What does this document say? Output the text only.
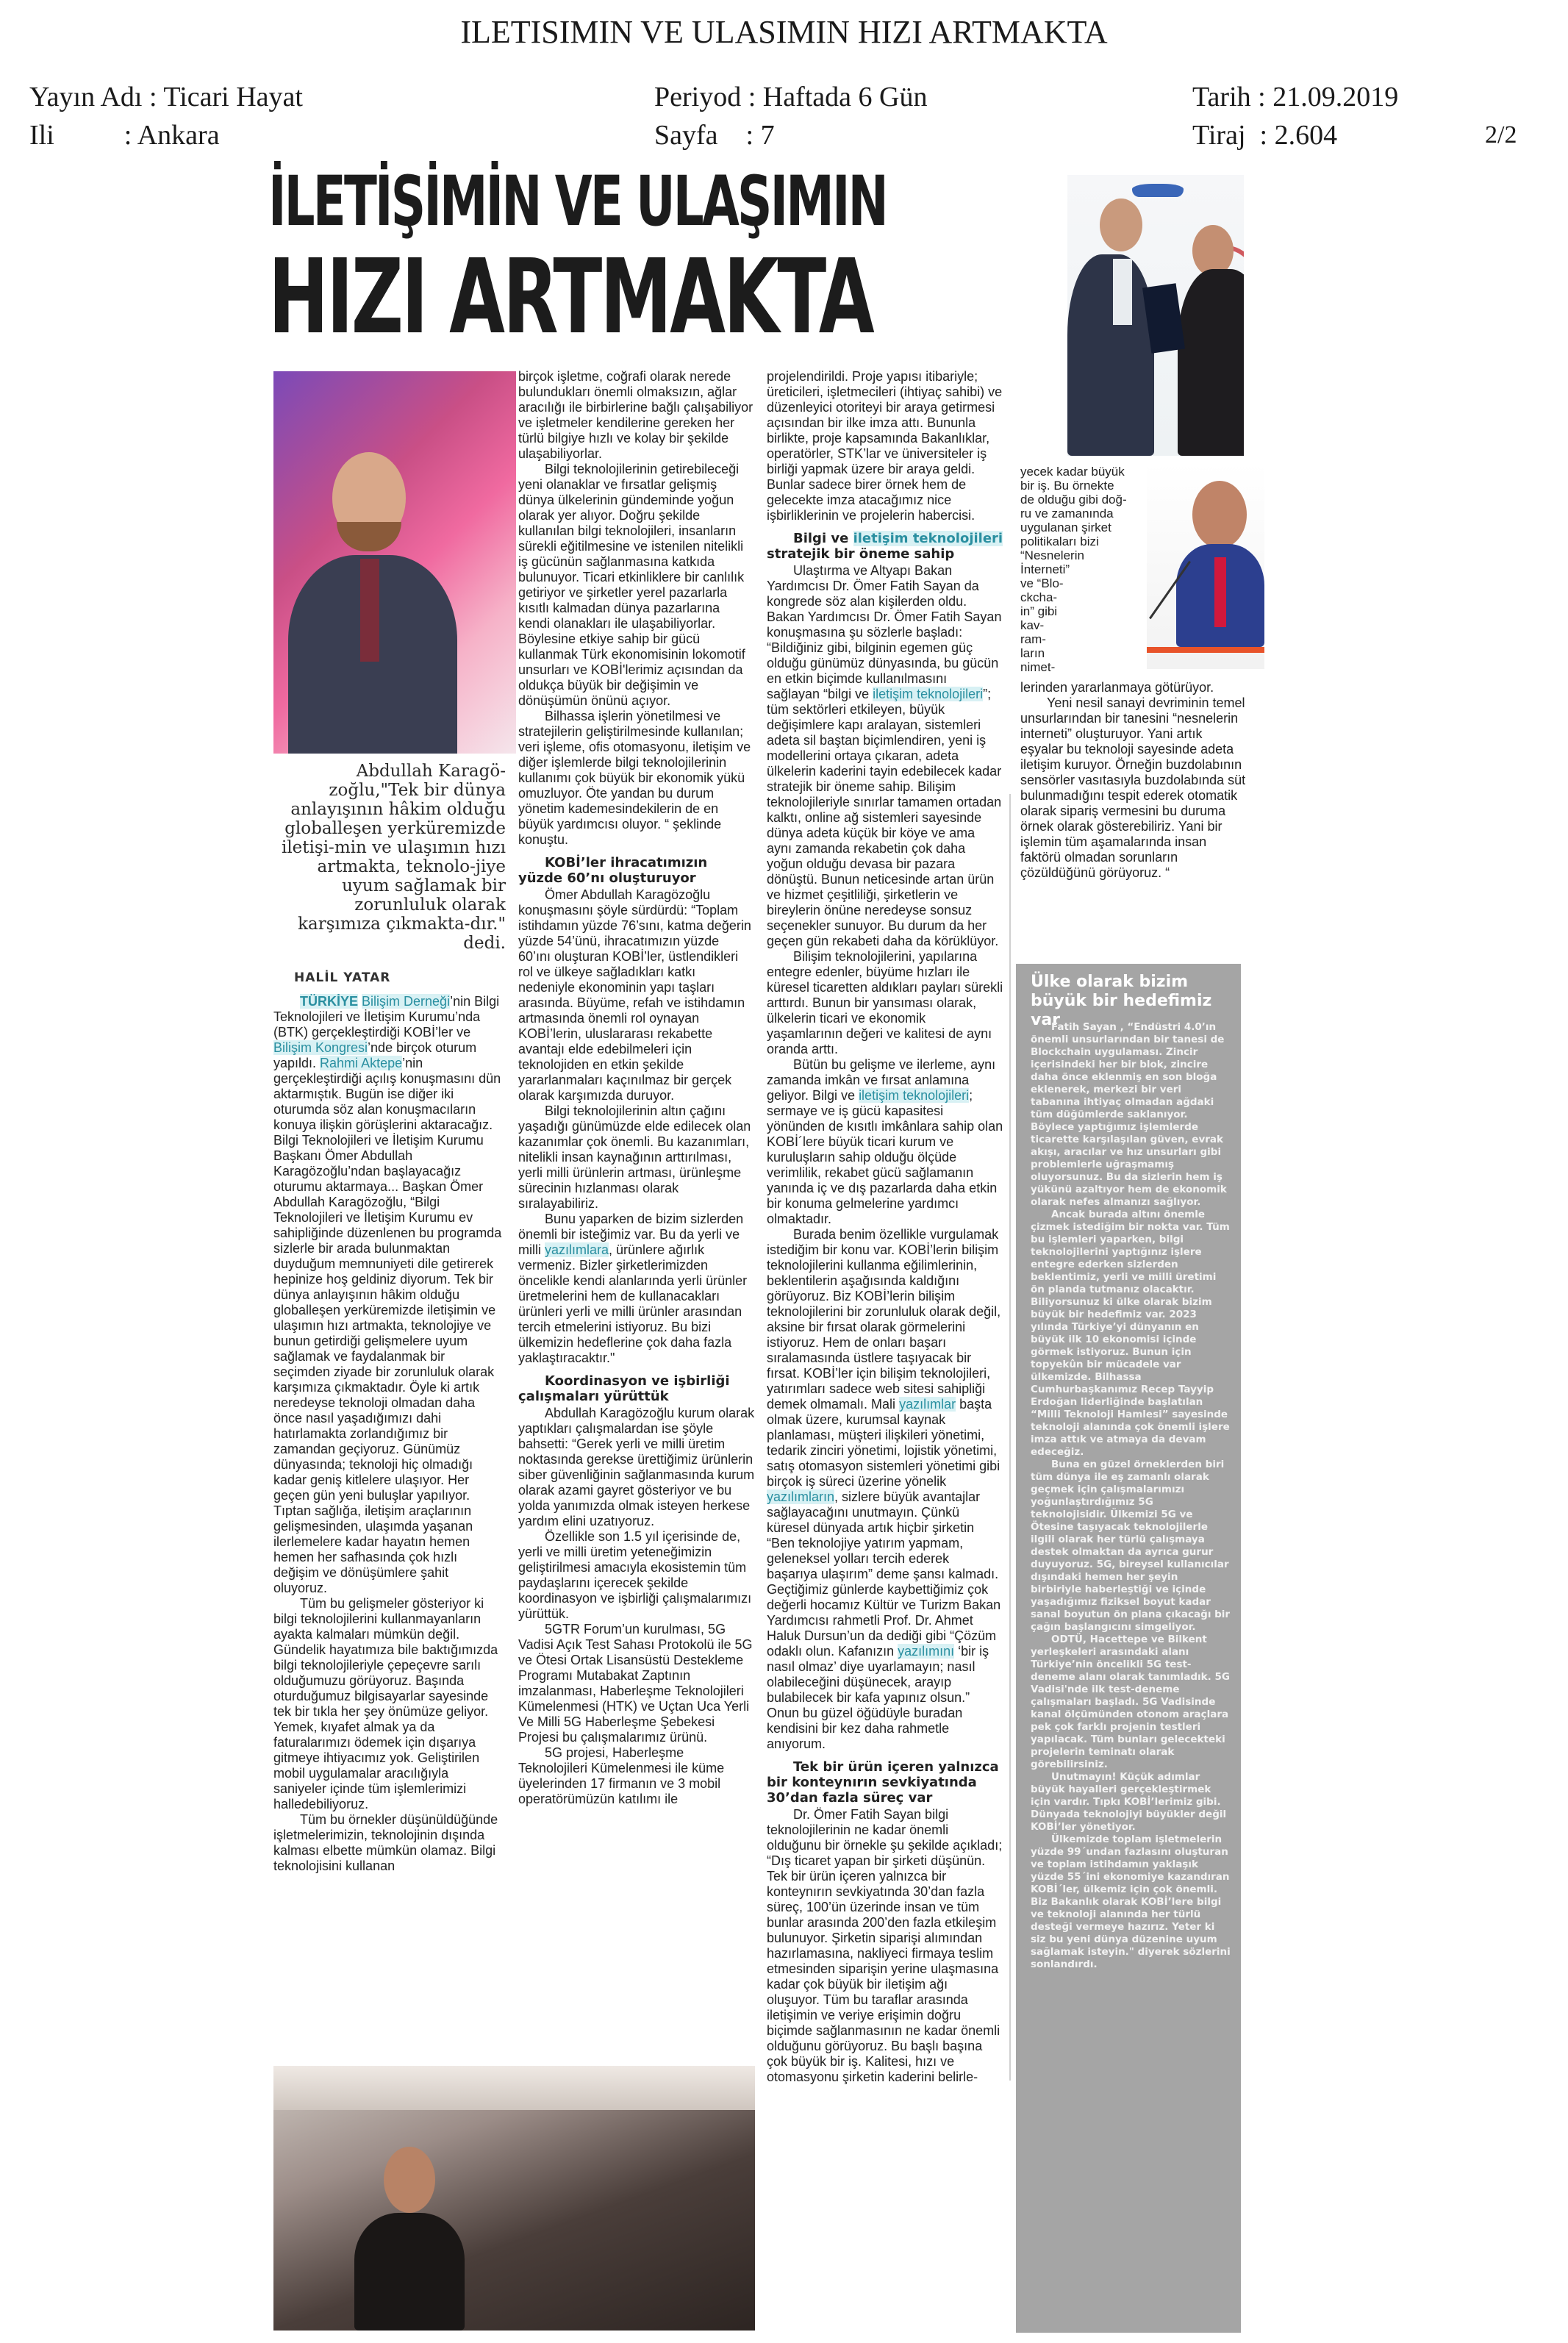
ILETISIMIN VE ULASIMIN HIZI ARTMAKTA
Yayın Adı : Ticari Hayat
Ili          : Ankara
Periyod : Haftada 6 Gün
Sayfa    : 7
Tarih : 21.09.2019
Tiraj  : 2.604	2/2
İLETİŞİMİN VE ULAŞIMIN
HIZI ARTMAKTA
Abdullah Karagö-zoğlu,"Tek bir dünya anlayışının hâkim olduğu globalleşen yerküremizde iletişi-min ve ulaşımın hızı artmakta, teknolo-jiye uyum sağlamak bir zorunluluk olarak karşımıza çıkmakta-dır." dedi.
HALİL YATAR

TÜRKİYE Bilişim Derneği’nin Bilgi Teknolojileri ve İletişim Kurumu’nda (BTK) gerçekleştirdiği KOBİ’ler ve Bilişim Kongresi’nde birçok oturum yapıldı. Rahmi Aktepe’nin gerçekleştirdiği açılış konuşmasını dün aktarmıştık. Bugün ise diğer iki oturumda söz alan konuşmacıların konuya ilişkin görüşlerini aktaracağız. Bilgi Teknolojileri ve İletişim Kurumu Başkanı Ömer Abdullah Karagözoğlu’ndan başlayacağız oturumu aktarmaya... Başkan Ömer Abdullah Karagözoğlu, “Bilgi Teknolojileri ve İletişim Kurumu ev sahipliğinde düzenlenen bu programda sizlerle bir arada bulunmaktan duyduğum memnuniyeti dile getirerek hepinize hoş geldiniz diyorum. Tek bir dünya anlayışının hâkim olduğu globalleşen yerküremizde iletişimin ve ulaşımın hızı artmakta, teknolojiye ve bunun getirdiği gelişmelere uyum sağlamak ve faydalanmak bir seçimden ziyade bir zorunluluk olarak karşımıza çıkmaktadır. Öyle ki artık neredeyse teknoloji olmadan daha önce nasıl yaşadığımızı dahi hatırlamakta zorlandığımız bir zamandan geçiyoruz. Günümüz dünyasında; teknoloji hiç olmadığı kadar geniş kitlelere ulaşıyor. Her geçen gün yeni buluşlar yapılıyor. Tıptan sağlığa, iletişim araçlarının gelişmesinden, ulaşımda yaşanan ilerlemelere kadar hayatın hemen hemen her safhasında çok hızlı değişim ve dönüşümlere şahit oluyoruz.

Tüm bu gelişmeler gösteriyor ki bilgi teknolojilerini kullanmayanların ayakta kalmaları mümkün değil. Gündelik hayatımıza bile baktığımızda bilgi teknolojileriyle çepeçevre sarılı olduğumuzu görüyoruz. Başında oturduğumuz bilgisayarlar sayesinde tek bir tıkla her şey önümüze geliyor. Yemek, kıyafet almak ya da faturalarımızı ödemek için dışarıya gitmeye ihtiyacımız yok. Geliştirilen mobil uygulamalar aracılığıyla saniyeler içinde tüm işlemlerimizi halledebiliyoruz.

Tüm bu örnekler düşünüldüğünde işletmelerimizin, teknolojinin dışında kalması elbette mümkün olamaz. Bilgi teknolojisini kullanan

birçok işletme, coğrafi olarak nerede bulundukları önemli olmaksızın, ağlar aracılığı ile birbirlerine bağlı çalışabiliyor ve işletmeler kendilerine gereken her türlü bilgiye hızlı ve kolay bir şekilde ulaşabiliyorlar.

Bilgi teknolojilerinin getirebileceği yeni olanaklar ve fırsatlar gelişmiş dünya ülkelerinin gündeminde yoğun olarak yer alıyor. Doğru şekilde kullanılan bilgi teknolojileri, insanların sürekli eğitilmesine ve istenilen nitelikli iş gücünün sağlanmasına katkıda bulunuyor. Ticari etkinliklere bir canlılık getiriyor ve şirketler yerel pazarlarla kısıtlı kalmadan dünya pazarlarına kendi olanakları ile ulaşabiliyorlar. Böylesine etkiye sahip bir gücü kullanmak Türk ekonomisinin lokomotif unsurları ve KOBİ'lerimiz açısından da oldukça büyük bir değişimin ve dönüşümün önünü açıyor.

Bilhassa işlerin yönetilmesi ve stratejilerin geliştirilmesinde kullanılan; veri işleme, ofis otomasyonu, iletişim ve diğer işlemlerde bilgi teknolojilerinin kullanımı çok büyük bir ekonomik yükü omuzluyor. Öte yandan bu durum yönetim kademesindekilerin de en büyük yardımcısı oluyor. “ şeklinde konuştu.

KOBİ’ler ihracatımızın yüzde 60’nı oluşturuyor

Ömer Abdullah Karagözoğlu konuşmasını şöyle sürdürdü: “Toplam istihdamın yüzde 76’sını, katma değerin yüzde 54’ünü, ihracatımızın yüzde 60’ını oluşturan KOBİ’ler, üstlendikleri rol ve ülkeye sağladıkları katkı nedeniyle ekonominin yapı taşları arasında. Büyüme, refah ve istihdamın artmasında önemli rol oynayan KOBİ’lerin, uluslararası rekabette avantajı elde edebilmeleri için teknolojiden en etkin şekilde yararlanmaları kaçınılmaz bir gerçek olarak karşımızda duruyor.

Bilgi teknolojilerinin altın çağını yaşadığı günümüzde elde edilecek olan kazanımlar çok önemli. Bu kazanımları, nitelikli insan kaynağının arttırılması, yerli milli ürünlerin artması, ürünleşme sürecinin hızlanması olarak sıralayabiliriz.

Bunu yaparken de bizim sizlerden önemli bir isteğimiz var. Bu da yerli ve milli yazılımlara, ürünlere ağırlık vermeniz. Bizler şirketlerimizden öncelikle kendi alanlarında yerli ürünler üretmelerini hem de kullanacakları ürünleri yerli ve milli ürünler arasından tercih etmelerini istiyoruz. Bu bizi ülkemizin hedeflerine çok daha fazla yaklaştıracaktır."

Koordinasyon ve işbirliği çalışmaları yürüttük

Abdullah Karagözoğlu kurum olarak yaptıkları çalışmalardan ise şöyle bahsetti: “Gerek yerli ve milli üretim noktasında gerekse ürettiğimiz ürünlerin siber güvenliğinin sağlanmasında kurum olarak azami gayret gösteriyor ve bu yolda yanımızda olmak isteyen herkese yardım elini uzatıyoruz.

Özellikle son 1.5 yıl içerisinde de, yerli ve milli üretim yeteneğimizin geliştirilmesi amacıyla ekosistemin tüm paydaşlarını içerecek şekilde koordinasyon ve işbirliği çalışmalarımızı yürüttük.

5GTR Forum’un kurulması, 5G Vadisi Açık Test Sahası Protokolü ile 5G ve Ötesi Ortak Lisansüstü Destekleme Programı Mutabakat Zaptının imzalanması, Haberleşme Teknolojileri Kümelenmesi (HTK) ve Uçtan Uca Yerli Ve Milli 5G Haberleşme Şebekesi Projesi bu çalışmalarımız ürünü.

5G projesi, Haberleşme Teknolojileri Kümelenmesi ile küme üyelerinden 17 firmanın ve 3 mobil operatörümüzün katılımı ile

projelendirildi. Proje yapısı itibariyle; üreticileri, işletmecileri (ihtiyaç sahibi) ve düzenleyici otoriteyi bir araya getirmesi açısından bir ilke imza attı. Bununla birlikte, proje kapsamında Bakanlıklar, operatörler, STK’lar ve üniversiteler iş birliği yapmak üzere bir araya geldi. Bunlar sadece birer örnek hem de gelecekte imza atacağımız nice işbirliklerinin ve projelerin habercisi.

Bilgi ve iletişim teknolojileri stratejik bir öneme sahip

Ulaştırma ve Altyapı Bakan Yardımcısı Dr. Ömer Fatih Sayan da kongrede söz alan kişilerden oldu. Bakan Yardımcısı Dr. Ömer Fatih Sayan konuşmasına şu sözlerle başladı: “Bildiğiniz gibi, bilginin egemen güç olduğu günümüz dünyasında, bu gücün en etkin biçimde kullanılmasını sağlayan “bilgi ve iletişim teknolojileri”; tüm sektörleri etkileyen, büyük değişimlere kapı aralayan, sistemleri adeta sil baştan biçimlendiren, yeni iş modellerini ortaya çıkaran, adeta ülkelerin kaderini tayin edebilecek kadar stratejik bir öneme sahip. Bilişim teknolojileriyle sınırlar tamamen ortadan kalktı, online ağ sistemleri sayesinde dünya adeta küçük bir köye ve ama aynı zamanda rekabetin çok daha yoğun olduğu devasa bir pazara dönüştü. Bunun neticesinde artan ürün ve hizmet çeşitliliği, şirketlerin ve bireylerin önüne neredeyse sonsuz seçenekler sunuyor. Bu durum da her geçen gün rekabeti daha da körüklüyor.

Bilişim teknolojilerini, yapılarına entegre edenler, büyüme hızları ile küresel ticaretten aldıkları payları sürekli arttırdı. Bunun bir yansıması olarak, ülkelerin ticari ve ekonomik yaşamlarının değeri ve kalitesi de aynı oranda arttı.

Bütün bu gelişme ve ilerleme, aynı zamanda imkân ve fırsat anlamına geliyor. Bilgi ve iletişim teknolojileri; sermaye ve iş gücü kapasitesi yönünden de kısıtlı imkânlara sahip olan KOBİ´lere büyük ticari kurum ve kuruluşların sahip olduğu ölçüde verimlilik, rekabet gücü sağlamanın yanında iç ve dış pazarlarda daha etkin bir konuma gelmelerine yardımcı olmaktadır.

Burada benim özellikle vurgulamak istediğim bir konu var. KOBİ’lerin bilişim teknolojilerini kullanma eğilimlerinin, beklentilerin aşağısında kaldığını görüyoruz. Biz KOBİ’lerin bilişim teknolojilerini bir zorunluluk olarak değil, aksine bir fırsat olarak görmelerini istiyoruz. Hem de onları başarı sıralamasında üstlere taşıyacak bir fırsat. KOBİ’ler için bilişim teknolojileri, yatırımları sadece web sitesi sahipliği demek olmamalı. Mali yazılımlar başta olmak üzere, kurumsal kaynak planlaması, müşteri ilişkileri yönetimi, tedarik zinciri yönetimi, lojistik yönetimi, satış otomasyon sistemleri yönetimi gibi birçok iş süreci üzerine yönelik yazılımların, sizlere büyük avantajlar sağlayacağını unutmayın. Çünkü küresel dünyada artık hiçbir şirketin “Ben teknolojiye yatırım yapmam, geleneksel yolları tercih ederek başarıya ulaşırım” deme şansı kalmadı. Geçtiğimiz günlerde kaybettiğimiz çok değerli hocamız Kültür ve Turizm Bakan Yardımcısı rahmetli Prof. Dr. Ahmet Haluk Dursun’un da dediği gibi “Çözüm odaklı olun. Kafanızın yazılımını ‘bir iş nasıl olmaz’ diye uyarlamayın; nasıl olabileceğini düşünecek, arayıp bulabilecek bir kafa yapınız olsun.” Onun bu güzel öğüdüyle buradan kendisini bir kez daha rahmetle anıyorum.

Tek bir ürün içeren yalnızca bir konteynırın sevkiyatında 30’dan fazla süreç var

Dr. Ömer Fatih Sayan bilgi teknolojilerinin ne kadar önemli olduğunu bir örnekle şu şekilde açıkladı; “Dış ticaret yapan bir şirketi düşünün. Tek bir ürün içeren yalnızca bir konteynırın sevkiyatında 30’dan fazla süreç, 100’ün üzerinde insan ve tüm bunlar arasında 200’den fazla etkileşim bulunuyor. Şirketin siparişi alımından hazırlamasına, nakliyeci firmaya teslim etmesinden siparişin yerine ulaşmasına kadar çok büyük bir iletişim ağı oluşuyor. Tüm bu taraflar arasında iletişimin ve veriye erişimin doğru biçimde sağlanmasının ne kadar önemli olduğunu görüyoruz. Bu başlı başına çok büyük bir iş. Kalitesi, hızı ve otomasyonu şirketin kaderini belirle-

yecek kadar büyük
bir iş. Bu örnekte
de olduğu gibi doğ-
ru ve zamanında
uygulanan şirket
politikaları bizi
“Nesnelerin
İnterneti”
ve “Blo-
ckcha-
in” gibi
kav-
ram-
ların
nimet-

lerinden yararlanmaya götürüyor.

Yeni nesil sanayi devriminin temel unsurlarından bir tanesini “nesnelerin interneti” oluşturuyor. Yani artık eşyalar bu teknoloji sayesinde adeta iletişim kuruyor. Örneğin buzdolabının sensörler vasıtasıyla buzdolabında süt bulunmadığını tespit ederek otomatik olarak sipariş vermesini bu duruma örnek olarak gösterebiliriz. Yani bir işlemin tüm aşamalarında insan faktörü olmadan sorunların çözüldüğünü görüyoruz. “

Ülke olarak bizim büyük bir hedefimiz var

Fatih Sayan , “Endüstri 4.0’ın önemli unsurlarından bir tanesi de Blockchain uygulaması. Zincir içerisindeki her bir blok, zincire daha önce eklenmiş en son bloğa eklenerek, merkezi bir veri tabanına ihtiyaç olmadan ağdaki tüm düğümlerde saklanıyor. Böylece yaptığımız işlemlerde ticarette karşılaşılan güven, evrak akışı, aracılar ve hız unsurları gibi problemlerle uğraşmamış oluyorsunuz. Bu da sizlerin hem iş yükünü azaltıyor hem de ekonomik olarak nefes almanızı sağlıyor.

Ancak burada altını önemle çizmek istediğim bir nokta var. Tüm bu işlemleri yaparken, bilgi teknolojilerini yaptığınız işlere entegre ederken sizlerden beklentimiz, yerli ve milli üretimi ön planda tutmanız olacaktır. Biliyorsunuz ki ülke olarak bizim büyük bir hedefimiz var. 2023 yılında Türkiye’yi dünyanın en büyük ilk 10 ekonomisi içinde görmek istiyoruz. Bunun için topyekûn bir mücadele var ülkemizde. Bilhassa Cumhurbaşkanımız Recep Tayyip Erdoğan liderliğinde başlatılan “Milli Teknoloji Hamlesi” sayesinde teknoloji alanında çok önemli işlere imza attık ve atmaya da devam edeceğiz.

Buna en güzel örneklerden biri tüm dünya ile eş zamanlı olarak geçmek için çalışmalarımızı yoğunlaştırdığımız 5G teknolojisidir. Ülkemizi 5G ve Ötesine taşıyacak teknolojilerle ilgili olarak her türlü çalışmaya destek olmaktan da ayrıca gurur duyuyoruz. 5G, bireysel kullanıcılar dışındaki hemen her şeyin birbiriyle haberleştiği ve içinde yaşadığımız fiziksel boyut kadar sanal boyutun ön plana çıkacağı bir çağın başlangıcını simgeliyor.

ODTÜ, Hacettepe ve Bilkent yerleşkeleri arasındaki alanı Türkiye’nin öncelikli 5G test-deneme alanı olarak tanımladık. 5G Vadisi'nde ilk test-deneme çalışmaları başladı. 5G Vadisinde kanal ölçümünden otonom araçlara pek çok farklı projenin testleri yapılacak. Tüm bunları gelecekteki projelerin teminatı olarak görebilirsiniz.

Unutmayın! Küçük adımlar büyük hayalleri gerçekleştirmek için vardır. Tıpkı KOBİ’lerimiz gibi. Dünyada teknolojiyi büyükler değil KOBİ’ler yönetiyor.

Ülkemizde toplam işletmelerin yüzde 99´undan fazlasını oluşturan ve toplam istihdamın yaklaşık yüzde 55´ini ekonomiye kazandıran KOBİ´ler, ülkemiz için çok önemli. Biz Bakanlık olarak KOBİ’lere bilgi ve teknoloji alanında her türlü desteği vermeye hazırız. Yeter ki siz bu yeni dünya düzenine uyum sağlamak isteyin." diyerek sözlerini sonlandırdı.
